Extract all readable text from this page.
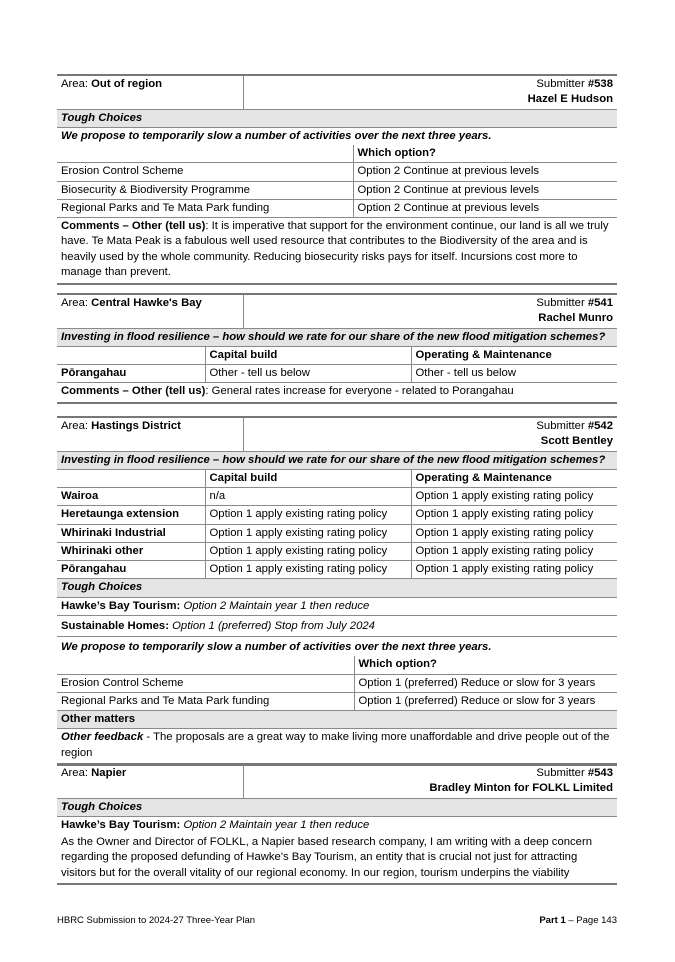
Area: Out of region	Submitter #538
Hazel E Hudson	
Tough Choices		
We propose to temporarily slow a number of activities over the next three years.		
		Which option?
Erosion Control Scheme		Option 2 Continue at previous levels
Biosecurity & Biodiversity Programme		Option 2 Continue at previous levels
Regional Parks and Te Mata Park funding		Option 2 Continue at previous levels
Comments – Other (tell us): It is imperative that support for the environment continue, our land is all we truly have. Te Mata Peak is a fabulous well used resource that contributes to the Biodiversity of the area and is heavily used by the whole community. Reducing biosecurity risks pays for itself. Incursions cost more to manage than prevent.		
Area: Central Hawke's Bay		Submitter #541
Rachel Munro	
Investing in flood resilience – how should we rate for our share of the new flood mitigation schemes?			
	Capital build		Operating & Maintenance
Pōrangahau	Other - tell us below		Other - tell us below
Comments – Other (tell us): General rates increase for everyone - related to Porangahau			
Area: Hastings District		Submitter #542
Scott Bentley		
Investing in flood resilience – how should we rate for our share of the new flood mitigation schemes?				
	Capital build			Operating & Maintenance
Wairoa	n/a			Option 1 apply existing rating policy
Heretaunga extension	Option 1 apply existing rating policy			Option 1 apply existing rating policy
Whirinaki Industrial	Option 1 apply existing rating policy			Option 1 apply existing rating policy
Whirinaki other	Option 1 apply existing rating policy			Option 1 apply existing rating policy
Pōrangahau	Option 1 apply existing rating policy			Option 1 apply existing rating policy
Tough Choices				
Hawke’s Bay Tourism: Option 2 Maintain year 1 then reduce				
Sustainable Homes: Option 1 (preferred) Stop from July 2024				
We propose to temporarily slow a number of activities over the next three years.				
			Which option?	
Erosion Control Scheme			Option 1 (preferred) Reduce or slow for 3 years	
Regional Parks and Te Mata Park funding			Option 1 (preferred) Reduce or slow for 3 years	
Other matters				
Other feedback - The proposals are a great way to make living more unaffordable and drive people out of the region				
Area: Napier	Submitter #543
Bradley Minton for FOLKL Limited
Tough Choices
Hawke’s Bay Tourism: Option 2 Maintain year 1 then reduce
As the Owner and Director of FOLKL, a Napier based research company, I am writing with a deep concern regarding the proposed defunding of Hawke's Bay Tourism, an entity that is crucial not just for attracting visitors but for the overall vitality of our regional economy. In our region, tourism underpins the viability
HBRC Submission to 2024-27 Three-Year Plan	Part 1 – Page 143
